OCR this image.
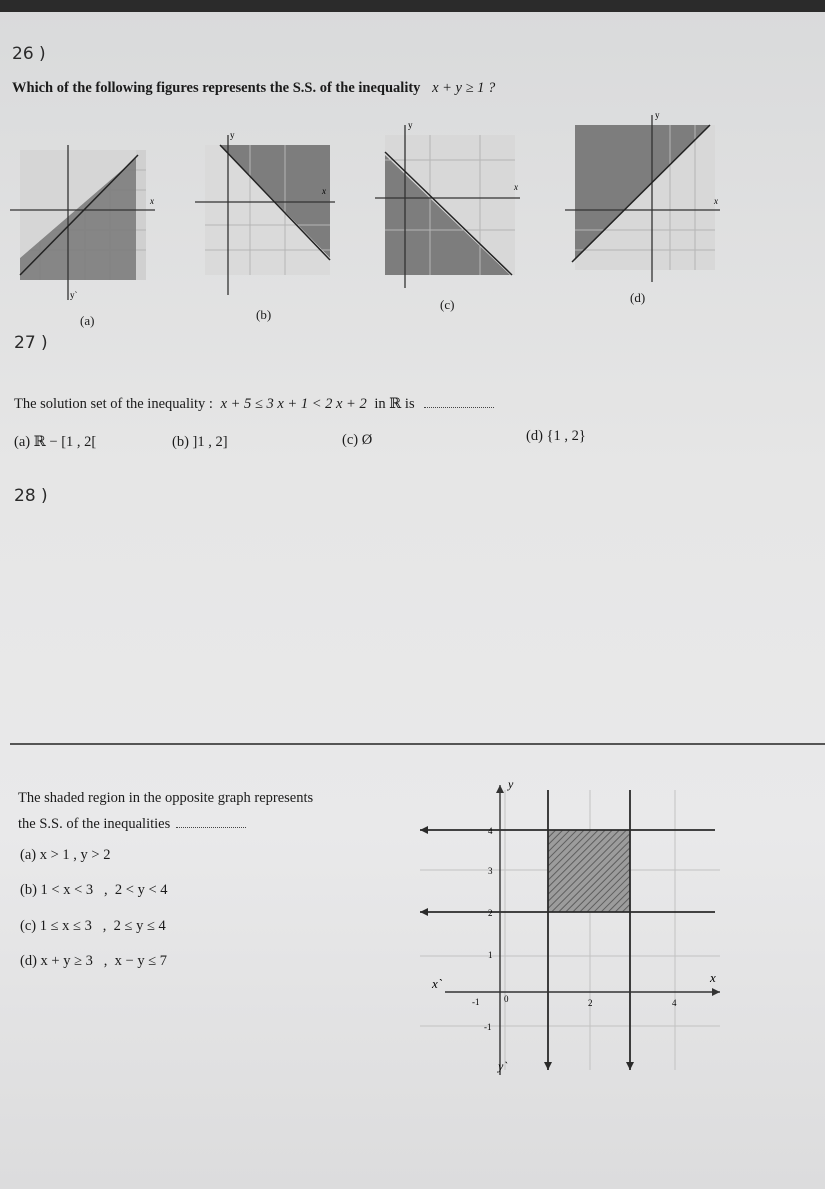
26 )
Which of the following figures represents the S.S. of the inequality x + y ≥ 1 ?
x
y`
(a)
x
y
(b)
x
y
(c)
x
y
(d)
27 )
The solution set of the inequality : x + 5 ≤ 3 x + 1 < 2 x + 2 in ℝ is
(a) ℝ − [1 , 2[	(b) ]1 , 2]	(c) Ø	(d) {1 , 2}
28 )
The shaded region in the opposite graph represents
the S.S. of the inequalities
(a) x > 1 , y > 2
(b) 1 < x < 3   ,  2 < y < 4
(c) 1 ≤ x ≤ 3   ,  2 ≤ y ≤ 4
(d) x + y ≥ 3   ,  x − y ≤ 7
y
x
x`
y`
-1	0	2	4
4
3
2
1
-1
